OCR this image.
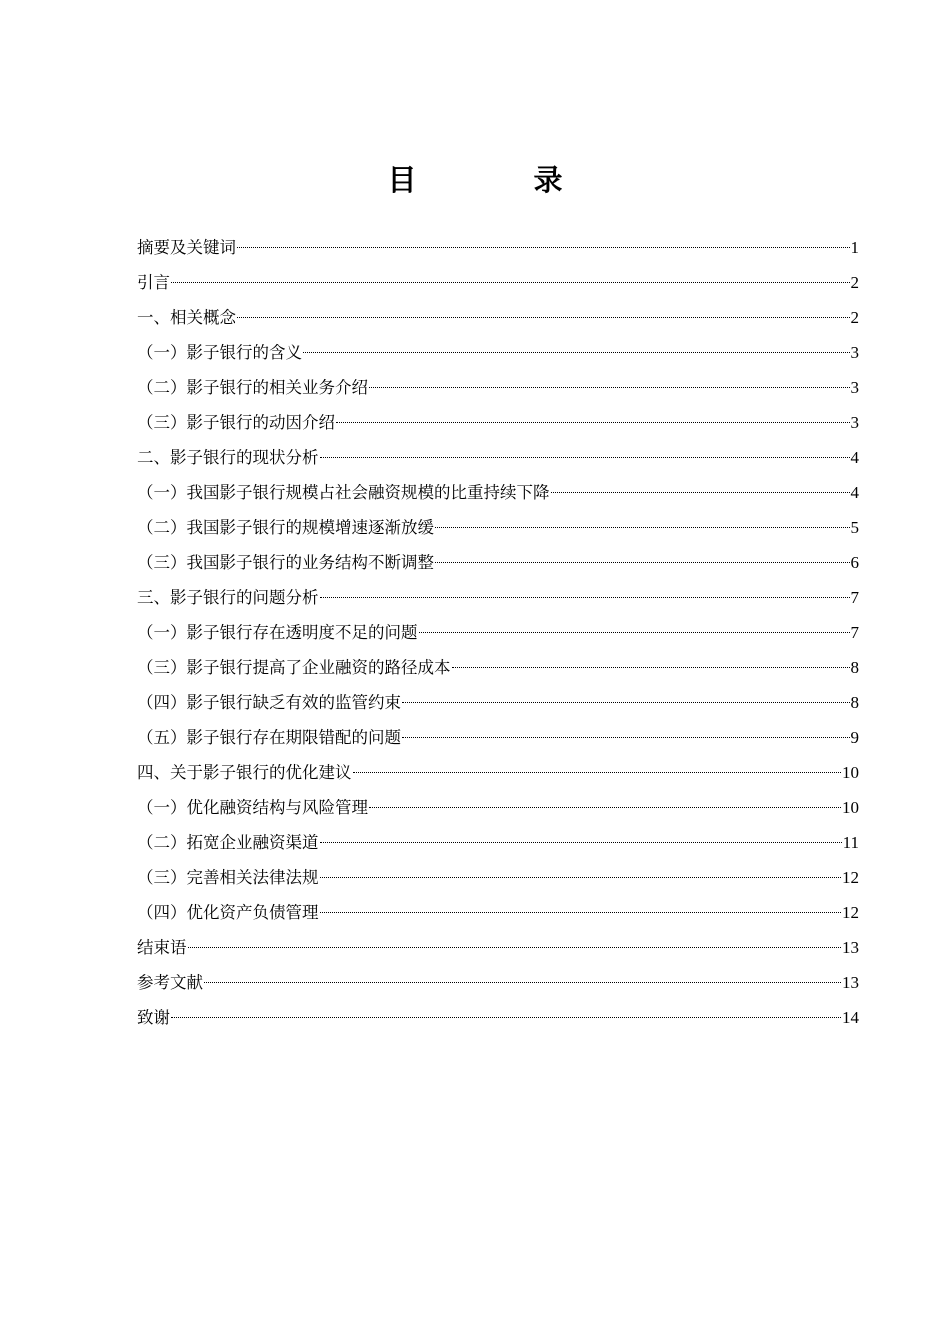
目　录
摘要及关键词	1
引言	2
一、相关概念	2
（一）影子银行的含义	3
（二）影子银行的相关业务介绍	3
（三）影子银行的动因介绍	3
二、影子银行的现状分析	4
（一）我国影子银行规模占社会融资规模的比重持续下降	4
（二）我国影子银行的规模增速逐渐放缓	5
（三）我国影子银行的业务结构不断调整	6
三、影子银行的问题分析	7
（一）影子银行存在透明度不足的问题	7
（三）影子银行提高了企业融资的路径成本	8
（四）影子银行缺乏有效的监管约束	8
（五）影子银行存在期限错配的问题	9
四、关于影子银行的优化建议	10
（一）优化融资结构与风险管理	10
（二）拓宽企业融资渠道	11
（三）完善相关法律法规	12
（四）优化资产负债管理	12
结束语	13
参考文献	13
致谢	14
